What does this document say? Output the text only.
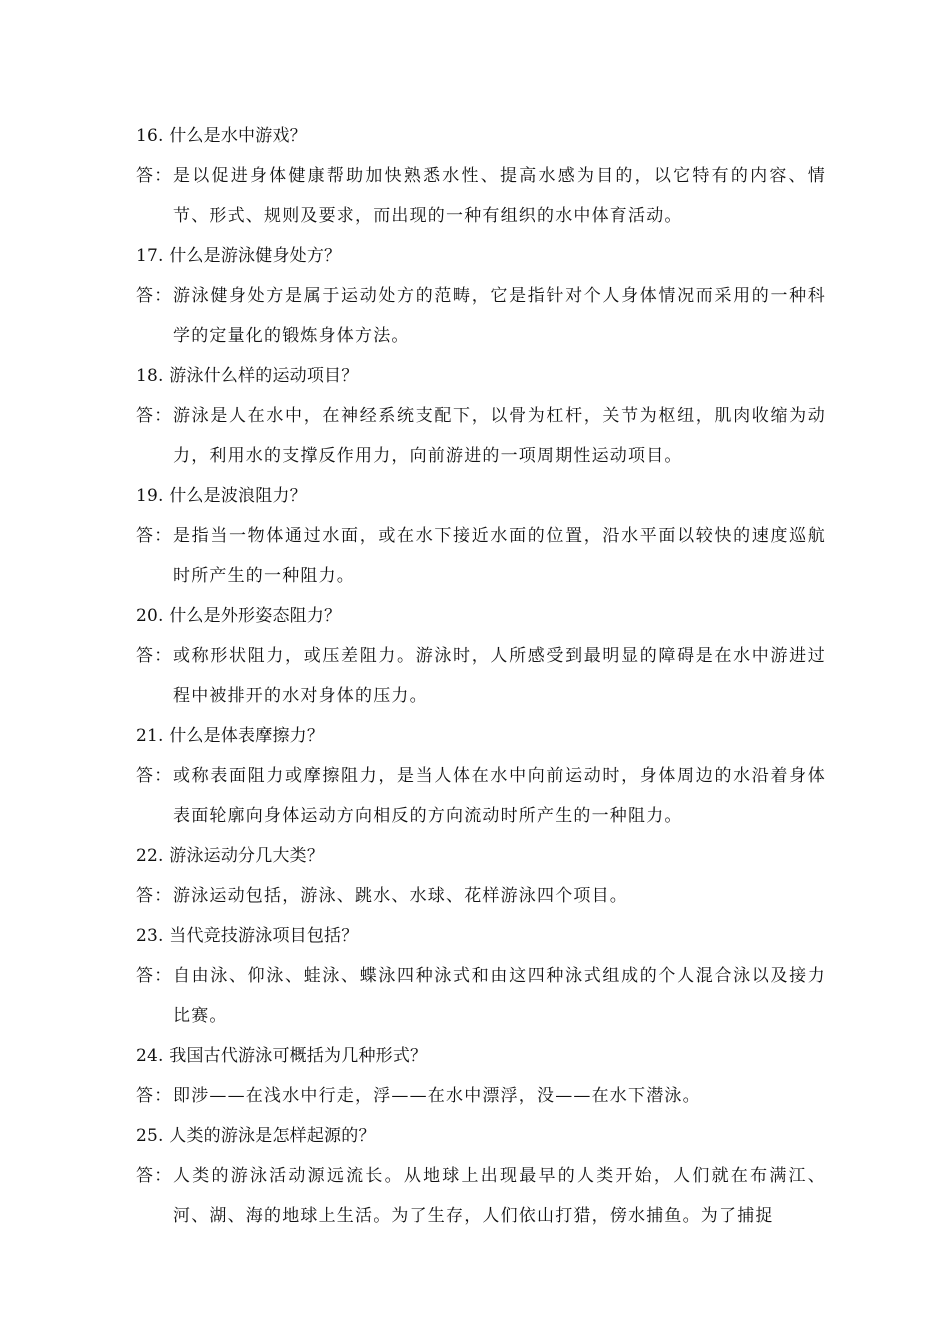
16. 什么是水中游戏？
答： 是以促进身体健康帮助加快熟悉水性、提高水感为目的，以它特有的内容、情节、形式、规则及要求，而出现的一种有组织的水中体育活动。
17. 什么是游泳健身处方？
答： 游泳健身处方是属于运动处方的范畴，它是指针对个人身体情况而采用的一种科学的定量化的锻炼身体方法。
18. 游泳什么样的运动项目？
答： 游泳是人在水中，在神经系统支配下，以骨为杠杆，关节为枢纽，肌肉收缩为动力，利用水的支撑反作用力，向前游进的一项周期性运动项目。
19. 什么是波浪阻力？
答： 是指当一物体通过水面，或在水下接近水面的位置，沿水平面以较快的速度巡航时所产生的一种阻力。
20. 什么是外形姿态阻力？
答： 或称形状阻力，或压差阻力。游泳时，人所感受到最明显的障碍是在水中游进过程中被排开的水对身体的压力。
21. 什么是体表摩擦力？
答： 或称表面阻力或摩擦阻力，是当人体在水中向前运动时，身体周边的水沿着身体表面轮廓向身体运动方向相反的方向流动时所产生的一种阻力。
22. 游泳运动分几大类？
答： 游泳运动包括，游泳、跳水、水球、花样游泳四个项目。
23. 当代竞技游泳项目包括？
答： 自由泳、仰泳、蛙泳、蝶泳四种泳式和由这四种泳式组成的个人混合泳以及接力比赛。
24. 我国古代游泳可概括为几种形式？
答： 即涉——在浅水中行走，浮——在水中漂浮，没——在水下潜泳。
25. 人类的游泳是怎样起源的？
答： 人类的游泳活动源远流长。从地球上出现最早的人类开始，人们就在布满江、河、湖、海的地球上生活。为了生存，人们依山打猎，傍水捕鱼。为了捕捉
